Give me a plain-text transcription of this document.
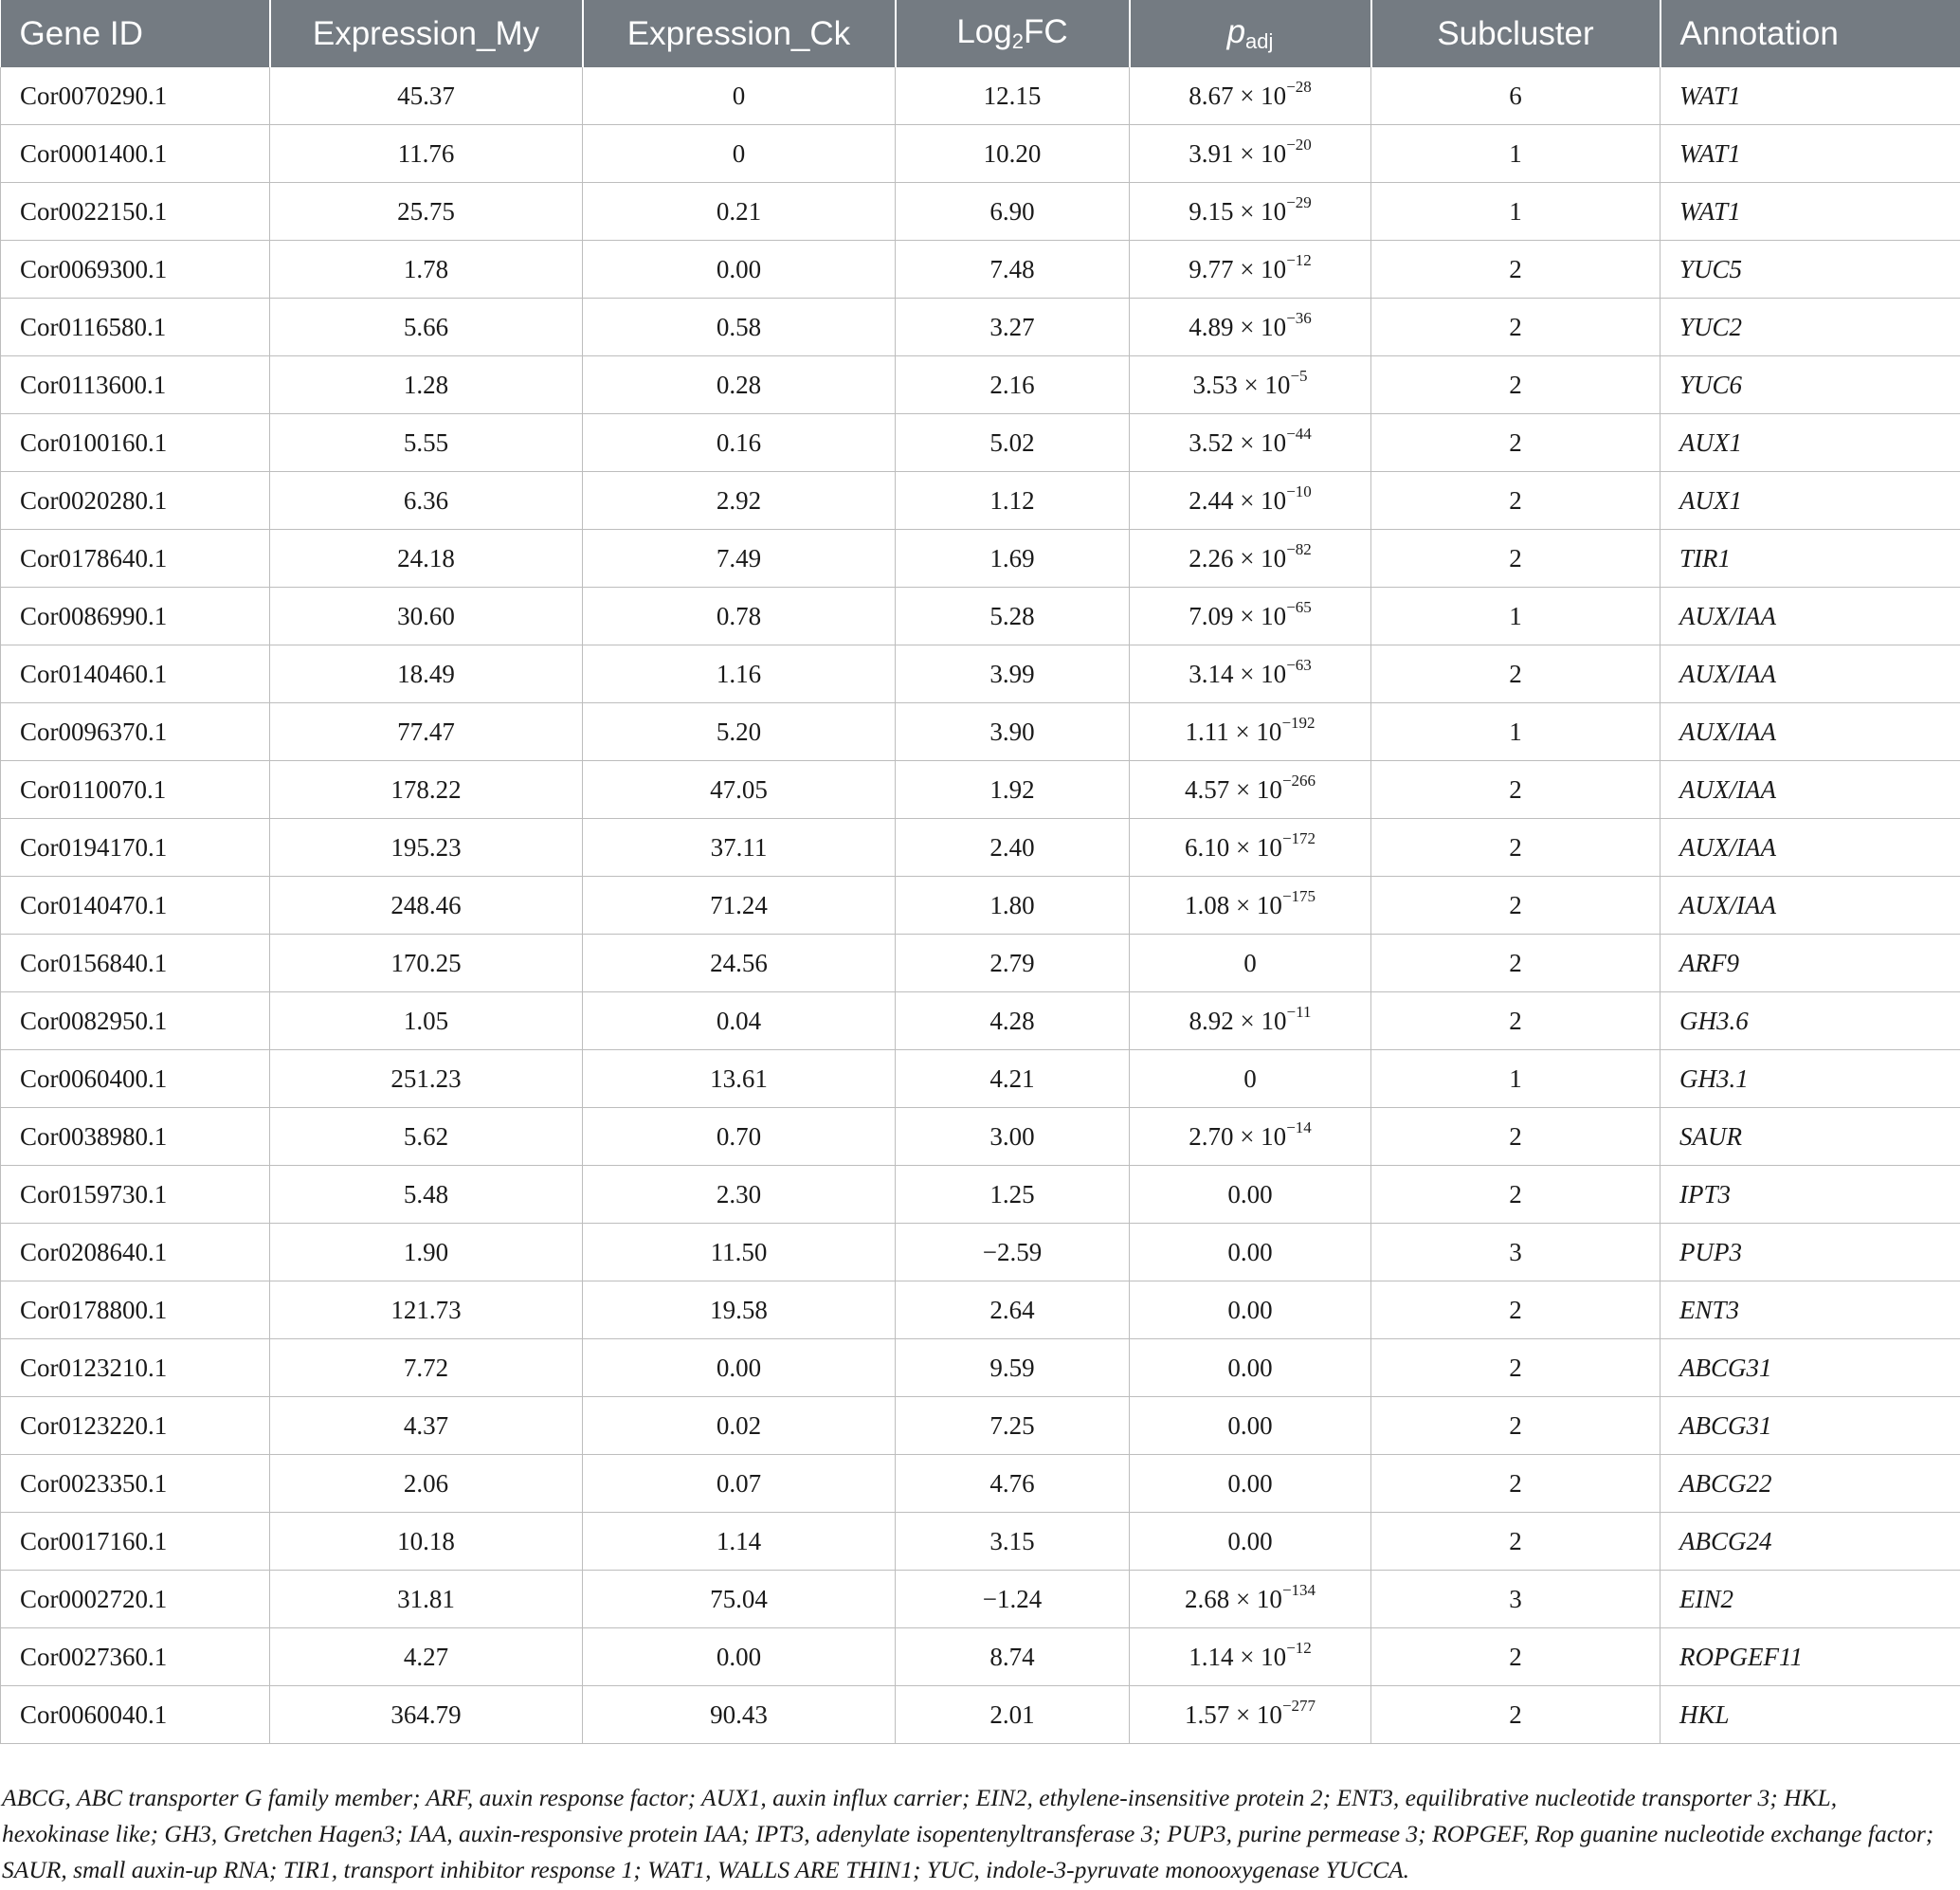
Gene ID	Expression_My	Expression_Ck	Log$_2$FC	$p_{adj}$	Subcluster	Annotation
Cor0070290.1	45.37	0	12.15	$8.67 \times 10^{-28}$	6	WAT1
Cor0001400.1	11.76	0	10.20	$3.91 \times 10^{-20}$	1	WAT1
Cor0022150.1	25.75	0.21	6.90	$9.15 \times 10^{-29}$	1	WAT1
Cor0069300.1	1.78	0.00	7.48	$9.77 \times 10^{-12}$	2	YUC5
Cor0116580.1	5.66	0.58	3.27	$4.89 \times 10^{-36}$	2	YUC2
Cor0113600.1	1.28	0.28	2.16	$3.53 \times 10^{-5}$	2	YUC6
Cor0100160.1	5.55	0.16	5.02	$3.52 \times 10^{-44}$	2	AUX1
Cor0020280.1	6.36	2.92	1.12	$2.44 \times 10^{-10}$	2	AUX1
Cor0178640.1	24.18	7.49	1.69	$2.26 \times 10^{-82}$	2	TIR1
Cor0086990.1	30.60	0.78	5.28	$7.09 \times 10^{-65}$	1	AUX/IAA
Cor0140460.1	18.49	1.16	3.99	$3.14 \times 10^{-63}$	2	AUX/IAA
Cor0096370.1	77.47	5.20	3.90	$1.11 \times 10^{-192}$	1	AUX/IAA
Cor0110070.1	178.22	47.05	1.92	$4.57 \times 10^{-266}$	2	AUX/IAA
Cor0194170.1	195.23	37.11	2.40	$6.10 \times 10^{-172}$	2	AUX/IAA
Cor0140470.1	248.46	71.24	1.80	$1.08 \times 10^{-175}$	2	AUX/IAA
Cor0156840.1	170.25	24.56	2.79	0	2	ARF9
Cor0082950.1	1.05	0.04	4.28	$8.92 \times 10^{-11}$	2	GH3.6
Cor0060400.1	251.23	13.61	4.21	0	1	GH3.1
Cor0038980.1	5.62	0.70	3.00	$2.70 \times 10^{-14}$	2	SAUR
Cor0159730.1	5.48	2.30	1.25	0.00	2	IPT3
Cor0208640.1	1.90	11.50	−2.59	0.00	3	PUP3
Cor0178800.1	121.73	19.58	2.64	0.00	2	ENT3
Cor0123210.1	7.72	0.00	9.59	0.00	2	ABCG31
Cor0123220.1	4.37	0.02	7.25	0.00	2	ABCG31
Cor0023350.1	2.06	0.07	4.76	0.00	2	ABCG22
Cor0017160.1	10.18	1.14	3.15	0.00	2	ABCG24
Cor0002720.1	31.81	75.04	−1.24	$2.68 \times 10^{-134}$	3	EIN2
Cor0027360.1	4.27	0.00	8.74	$1.14 \times 10^{-12}$	2	ROPGEF11
Cor0060040.1	364.79	90.43	2.01	$1.57 \times 10^{-277}$	2	HKL

ABCG, ABC transporter G family member; ARF, auxin response factor; AUX1, auxin influx carrier; EIN2, ethylene-insensitive protein 2; ENT3, equilibrative nucleotide transporter 3; HKL, hexokinase like; GH3, Gretchen Hagen3; IAA, auxin-responsive protein IAA; IPT3, adenylate isopentenyltransferase 3; PUP3, purine permease 3; ROPGEF, Rop guanine nucleotide exchange factor; SAUR, small auxin-up RNA; TIR1, transport inhibitor response 1; WAT1, WALLS ARE THIN1; YUC, indole-3-pyruvate monooxygenase YUCCA.
